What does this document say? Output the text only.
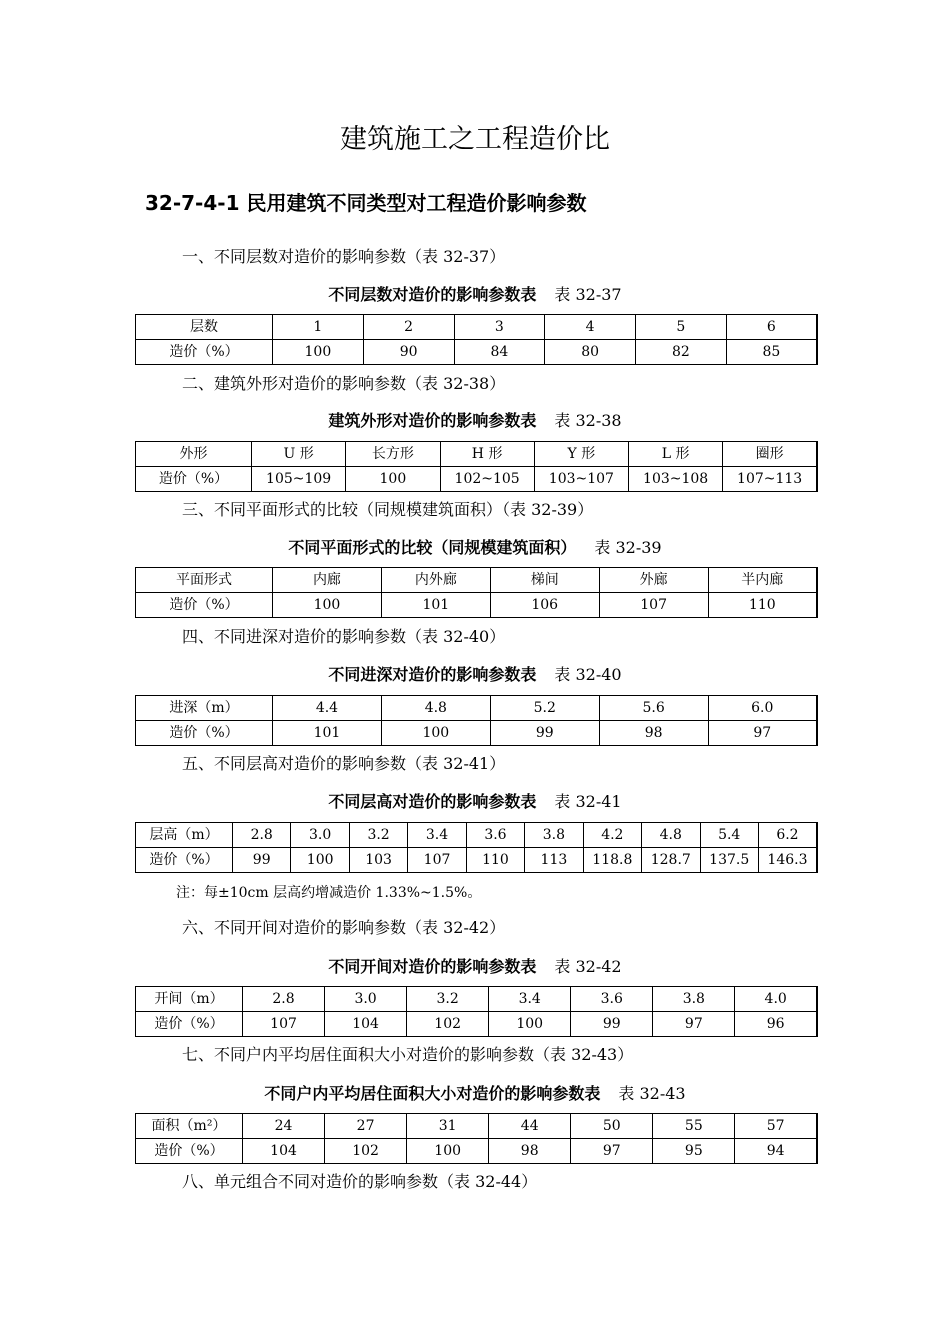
建筑施工之工程造价比
32-7-4-1 民用建筑不同类型对工程造价影响参数
一、不同层数对造价的影响参数（表 32-37）
不同层数对造价的影响参数表 表 32-37
层数	1	2	3	4	5	6
造价（%）	100	90	84	80	82	85
二、建筑外形对造价的影响参数（表 32-38）
建筑外形对造价的影响参数表 表 32-38
外形	U 形	长方形	H 形	Y 形	L 形	圈形
造价（%）	105~109	100	102~105	103~107	103~108	107~113
三、不同平面形式的比较（同规模建筑面积）（表 32-39）
不同平面形式的比较（同规模建筑面积） 表 32-39
平面形式	内廊	内外廊	梯间	外廊	半内廊
造价（%）	100	101	106	107	110
四、不同进深对造价的影响参数（表 32-40）
不同进深对造价的影响参数表 表 32-40
进深（m）	4.4	4.8	5.2	5.6	6.0
造价（%）	101	100	99	98	97
五、不同层高对造价的影响参数（表 32-41）
不同层高对造价的影响参数表 表 32-41
层高（m）	2.8	3.0	3.2	3.4	3.6	3.8	4.2	4.8	5.4	6.2
造价（%）	99	100	103	107	110	113	118.8	128.7	137.5	146.3
注：每±10cm 层高约增减造价 1.33%~1.5%。
六、不同开间对造价的影响参数（表 32-42）
不同开间对造价的影响参数表 表 32-42
开间（m）	2.8	3.0	3.2	3.4	3.6	3.8	4.0
造价（%）	107	104	102	100	99	97	96
七、不同户内平均居住面积大小对造价的影响参数（表 32-43）
不同户内平均居住面积大小对造价的影响参数表 表 32-43
面积（m²）	24	27	31	44	50	55	57
造价（%）	104	102	100	98	97	95	94
八、单元组合不同对造价的影响参数（表 32-44）
